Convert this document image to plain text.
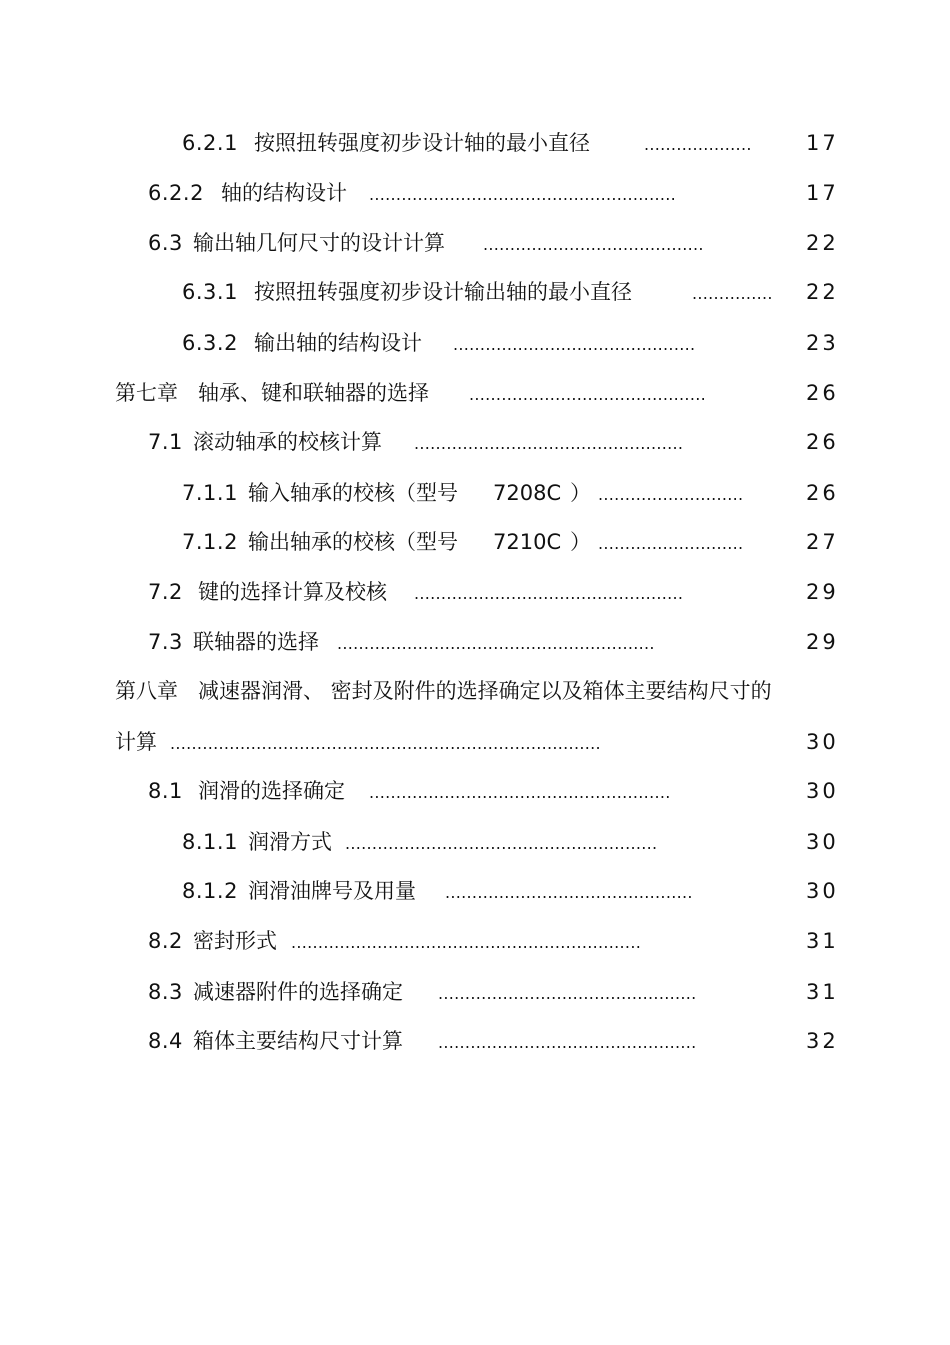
6.2.1 按照扭转强度初步设计轴的最小直径	....................	17
6.2.2 轴的结构设计 .........................................................	17
6.3 输出轴几何尺寸的设计计算 .........................................	22
6.3.1 按照扭转强度初步设计输出轴的最小直径	............... 22
6.3.2 输出轴的结构设计 .............................................	23
第七章 轴承、键和联轴器的选择	............................................	26
7.1 滚动轴承的校核计算 ..................................................	26
7.1.1 输入轴承的校核（型号 7208C ） ...........................	26
7.1.2 输出轴承的校核（型号 7210C ） ...........................	27
7.2 键的选择计算及校核 ..................................................	29
7.3 联轴器的选择 ...........................................................	29
第八章 减速器润滑、 密封及附件的选择确定以及箱体主要结构尺寸的
计算 ................................................................................	30
8.1 润滑的选择确定 ........................................................	30
8.1.1 润滑方式 ..........................................................	30
8.1.2 润滑油牌号及用量 ..............................................	30
8.2 密封形式 .................................................................	31
8.3 减速器附件的选择确定 ................................................	31
8.4 箱体主要结构尺寸计算 ................................................	32
